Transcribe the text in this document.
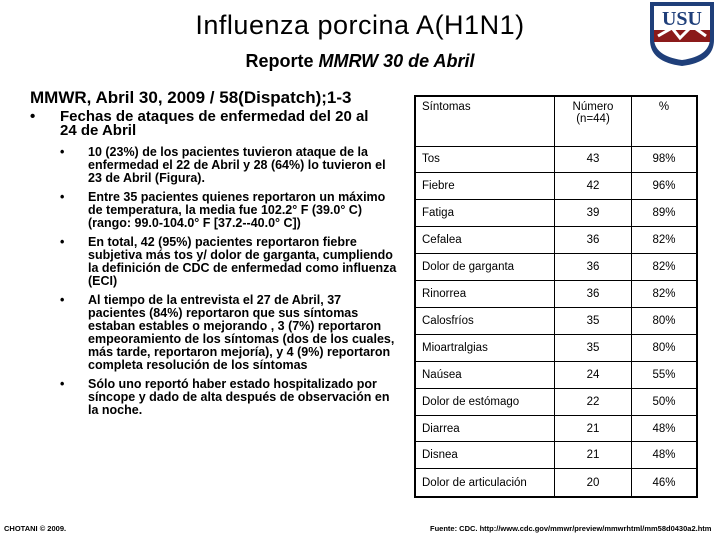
Influenza porcina A(H1N1)
Reporte MMRW 30 de Abril
USU
MMWR, Abril 30, 2009 / 58(Dispatch);1-3
• Fechas de ataques de enfermedad del 20 al 24 de Abril
• 10 (23%) de los pacientes tuvieron ataque de la enfermedad el 22 de Abril y 28 (64%) lo tuvieron el 23 de Abril (Figura).
• Entre 35 pacientes quienes reportaron un máximo de temperatura, la media fue 102.2° F (39.0° C) (rango: 99.0-104.0° F [37.2--40.0° C])
• En total, 42 (95%) pacientes reportaron fiebre subjetiva más tos y/ dolor de garganta, cumpliendo la definición de CDC de enfermedad como influenza (ECI)
• Al tiempo de la entrevista el 27 de Abril, 37 pacientes (84%) reportaron que sus síntomas estaban estables o mejorando , 3 (7%) reportaron empeoramiento de los síntomas (dos de los cuales, más tarde, reportaron mejoría), y 4 (9%) reportaron completa resolución de los síntomas
• Sólo uno reportó haber estado hospitalizado por síncope y dado de alta después de observación en la noche.
Síntomas	Número (n=44)	%
Tos	43	98%
Fiebre	42	96%
Fatiga	39	89%
Cefalea	36	82%
Dolor de garganta	36	82%
Rinorrea	36	82%
Calosfríos	35	80%
Mioartralgias	35	80%
Naúsea	24	55%
Dolor de estómago	22	50%
Diarrea	21	48%
Disnea	21	48%
Dolor de articulación	20	46%
CHOTANI © 2009.	Fuente: CDC. http://www.cdc.gov/mmwr/preview/mmwrhtml/mm58d0430a2.htm
